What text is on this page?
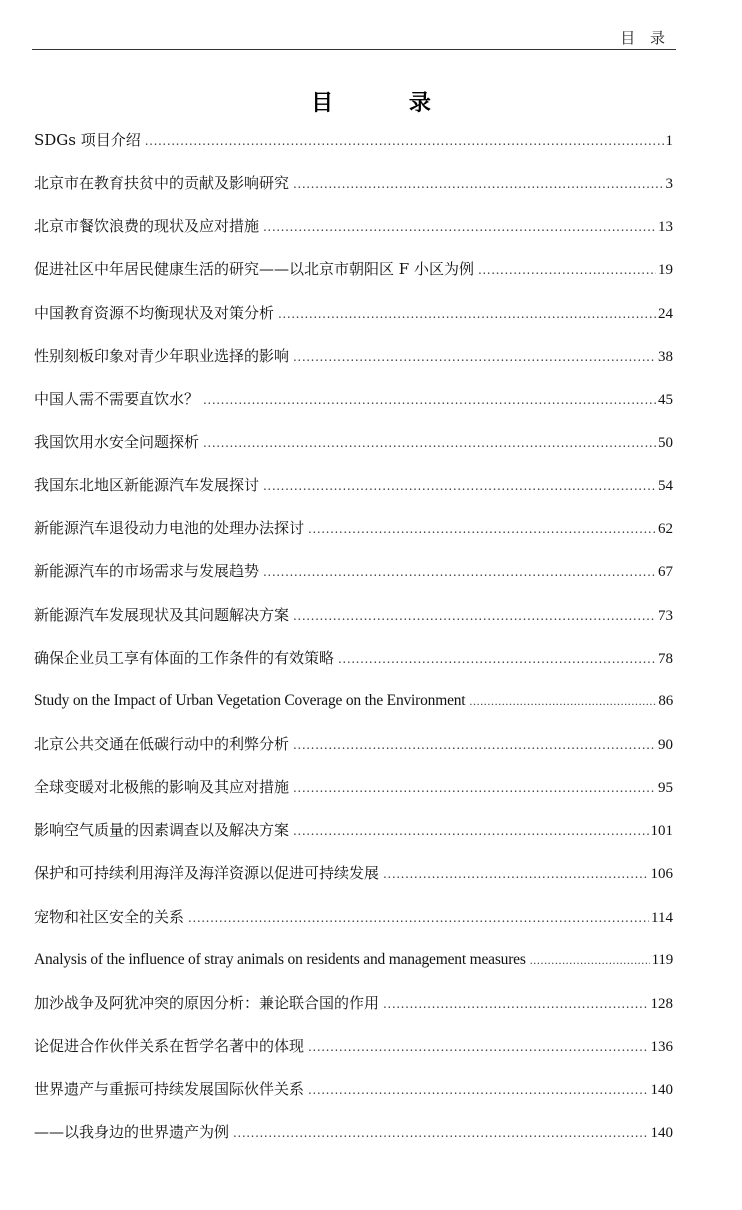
目 录
目 录
SDGs 项目介绍 .....	1
北京市在教育扶贫中的贡献及影响研究 .....	3
北京市餐饮浪费的现状及应对措施 .....	13
促进社区中年居民健康生活的研究——以北京市朝阳区 F 小区为例 .....	19
中国教育资源不均衡现状及对策分析 .....	24
性别刻板印象对青少年职业选择的影响 .....	38
中国人需不需要直饮水？ .....	45
我国饮用水安全问题探析 .....	50
我国东北地区新能源汽车发展探讨 .....	54
新能源汽车退役动力电池的处理办法探讨 .....	62
新能源汽车的市场需求与发展趋势 .....	67
新能源汽车发展现状及其问题解决方案 .....	73
确保企业员工享有体面的工作条件的有效策略 .....	78
Study on the Impact of Urban Vegetation Coverage on the Environment .....	86
北京公共交通在低碳行动中的利弊分析 .....	90
全球变暖对北极熊的影响及其应对措施 .....	95
影响空气质量的因素调查以及解决方案 .....	101
保护和可持续利用海洋及海洋资源以促进可持续发展 .....	106
宠物和社区安全的关系 .....	114
Analysis of the influence of stray animals on residents and management measures .....	119
加沙战争及阿犹冲突的原因分析：兼论联合国的作用 .....	128
论促进合作伙伴关系在哲学名著中的体现 .....	136
世界遗产与重振可持续发展国际伙伴关系 .....	140
——以我身边的世界遗产为例 .....	140
